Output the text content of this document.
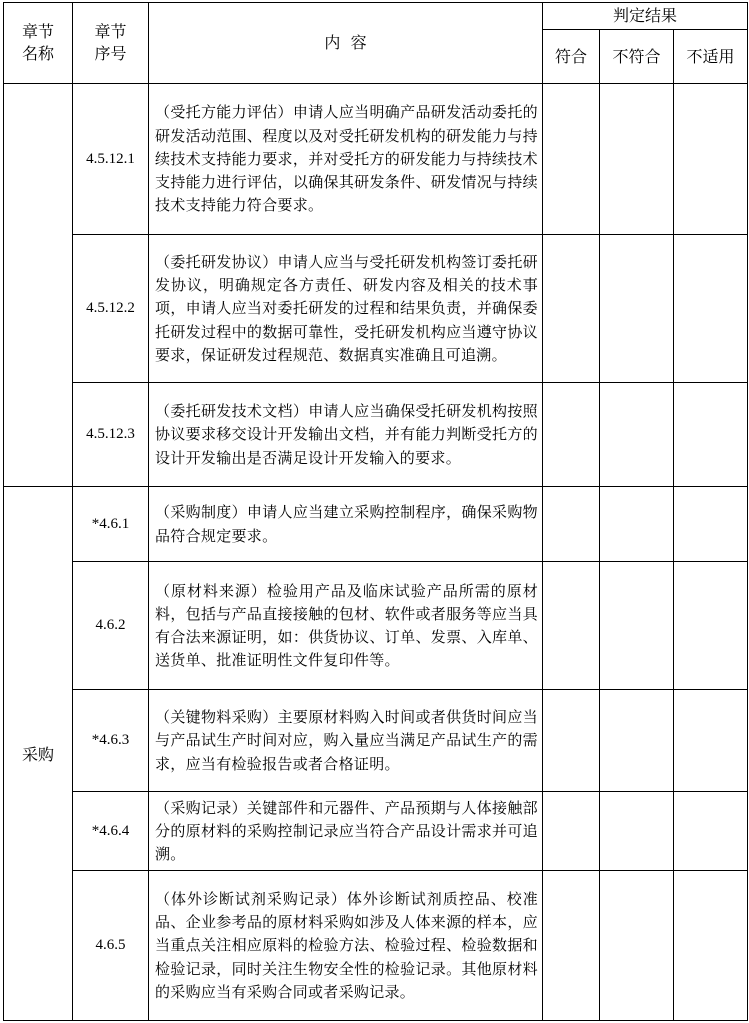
章节
名称	章节
序号	内  容	判定结果		
			符合	不符合	不适用
	4.5.12.1	（受托方能力评估）申请人应当明确产品研发活动委托的研发活动范围、程度以及对受托研发机构的研发能力与持续技术支持能力要求，并对受托方的研发能力与持续技术支持能力进行评估，以确保其研发条件、研发情况与持续技术支持能力符合要求。			
	4.5.12.2	（委托研发协议）申请人应当与受托研发机构签订委托研发协议，明确规定各方责任、研发内容及相关的技术事项，申请人应当对委托研发的过程和结果负责，并确保委托研发过程中的数据可靠性，受托研发机构应当遵守协议要求，保证研发过程规范、数据真实准确且可追溯。			
	4.5.12.3	（委托研发技术文档）申请人应当确保受托研发机构按照协议要求移交设计开发输出文档，并有能力判断受托方的设计开发输出是否满足设计开发输入的要求。			
采购	*4.6.1	（采购制度）申请人应当建立采购控制程序，确保采购物品符合规定要求。			
	4.6.2	（原材料来源）检验用产品及临床试验产品所需的原材料，包括与产品直接接触的包材、软件或者服务等应当具有合法来源证明，如：供货协议、订单、发票、入库单、送货单、批准证明性文件复印件等。			
	*4.6.3	（关键物料采购）主要原材料购入时间或者供货时间应当与产品试生产时间对应，购入量应当满足产品试生产的需求，应当有检验报告或者合格证明。			
	*4.6.4	（采购记录）关键部件和元器件、产品预期与人体接触部分的原材料的采购控制记录应当符合产品设计需求并可追溯。			
	4.6.5	（体外诊断试剂采购记录）体外诊断试剂质控品、校准品、企业参考品的原材料采购如涉及人体来源的样本，应当重点关注相应原料的检验方法、检验过程、检验数据和检验记录，同时关注生物安全性的检验记录。其他原材料的采购应当有采购合同或者采购记录。			
